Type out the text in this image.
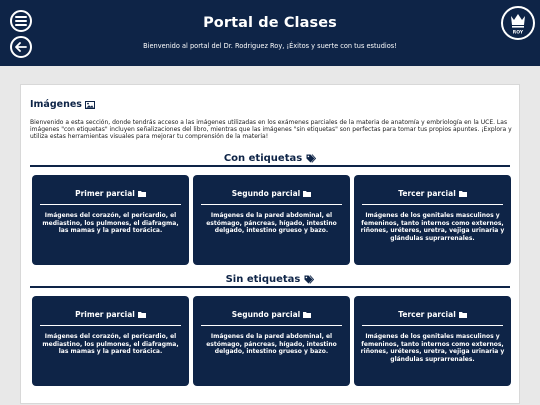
Portal de Clases
Bienvenido al portal del Dr. Rodriguez Roy, ¡Éxitos y suerte con tus estudios!
ROY
Imágenes
Bienvenido a esta sección, donde tendrás acceso a las imágenes utilizadas en los exámenes parciales de la materia de anatomía y embriología en la UCE. Las imágenes "con etiquetas" incluyen señalizaciones del libro, mientras que las imágenes "sin etiquetas" son perfectas para tomar tus propios apuntes. ¡Explora y utiliza estas herramientas visuales para mejorar tu comprensión de la materia!
Con etiquetas
Primer parcial
Imágenes del corazón, el pericardio, el mediastino, los pulmones, el diafragma, las mamas y la pared torácica.
Segundo parcial
Imágenes de la pared abdominal, el estómago, páncreas, hígado, intestino delgado, intestino grueso y bazo.
Tercer parcial
Imágenes de los genitales masculinos y femeninos, tanto internos como externos, riñones, uréteres, uretra, vejiga urinaria y glándulas suprarrenales.
Sin etiquetas
Primer parcial
Imágenes del corazón, el pericardio, el mediastino, los pulmones, el diafragma, las mamas y la pared torácica.
Segundo parcial
Imágenes de la pared abdominal, el estómago, páncreas, hígado, intestino delgado, intestino grueso y bazo.
Tercer parcial
Imágenes de los genitales masculinos y femeninos, tanto internos como externos, riñones, uréteres, uretra, vejiga urinaria y glándulas suprarrenales.
